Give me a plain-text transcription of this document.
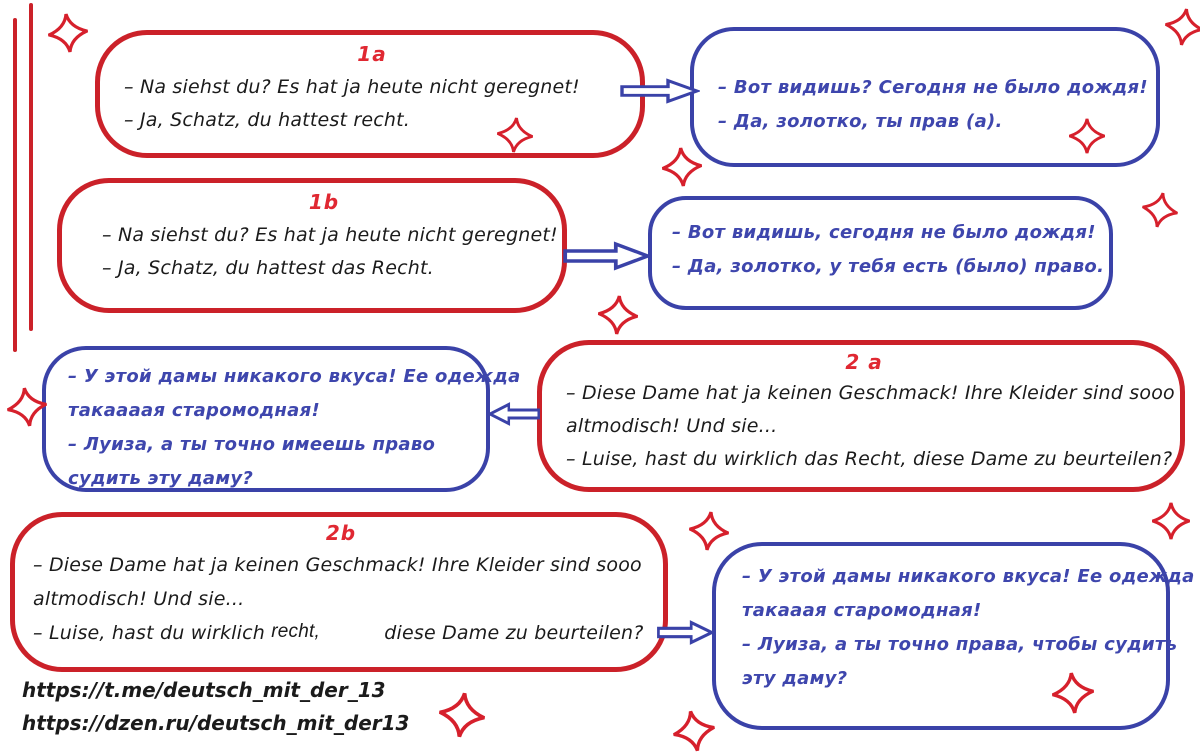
1a
– Na siehst du? Es hat ja heute nicht geregnet!
– Ja, Schatz, du hattest recht.
– Вот видишь? Сегодня не было дождя!
– Да, золотко, ты прав (а).
1b
– Na siehst du? Es hat ja heute nicht geregnet!
– Ja, Schatz, du hattest das Recht.
– Вот видишь, сегодня не было дождя!
– Да, золотко, у тебя есть (было) право.
– У этой дамы никакого вкуса! Ее одежда
такаааая старомодная!
– Луиза, а ты точно имеешь право
судить эту даму?
2 a
– Diese Dame hat ja keinen Geschmack! Ihre Kleider sind sooo
altmodisch! Und sie...
– Luise, hast du wirklich das Recht, diese Dame zu beurteilen?
2b
– Diese Dame hat ja keinen Geschmack! Ihre Kleider sind sooo
altmodisch! Und sie...
– Luise, hast du wirklich recht,	diese Dame zu beurteilen?
– У этой дамы никакого вкуса! Ее одежда
такааая старомодная!
– Луиза, а ты точно права, чтобы судить
эту даму?
https://t.me/deutsch_mit_der_13
https://dzen.ru/deutsch_mit_der13
